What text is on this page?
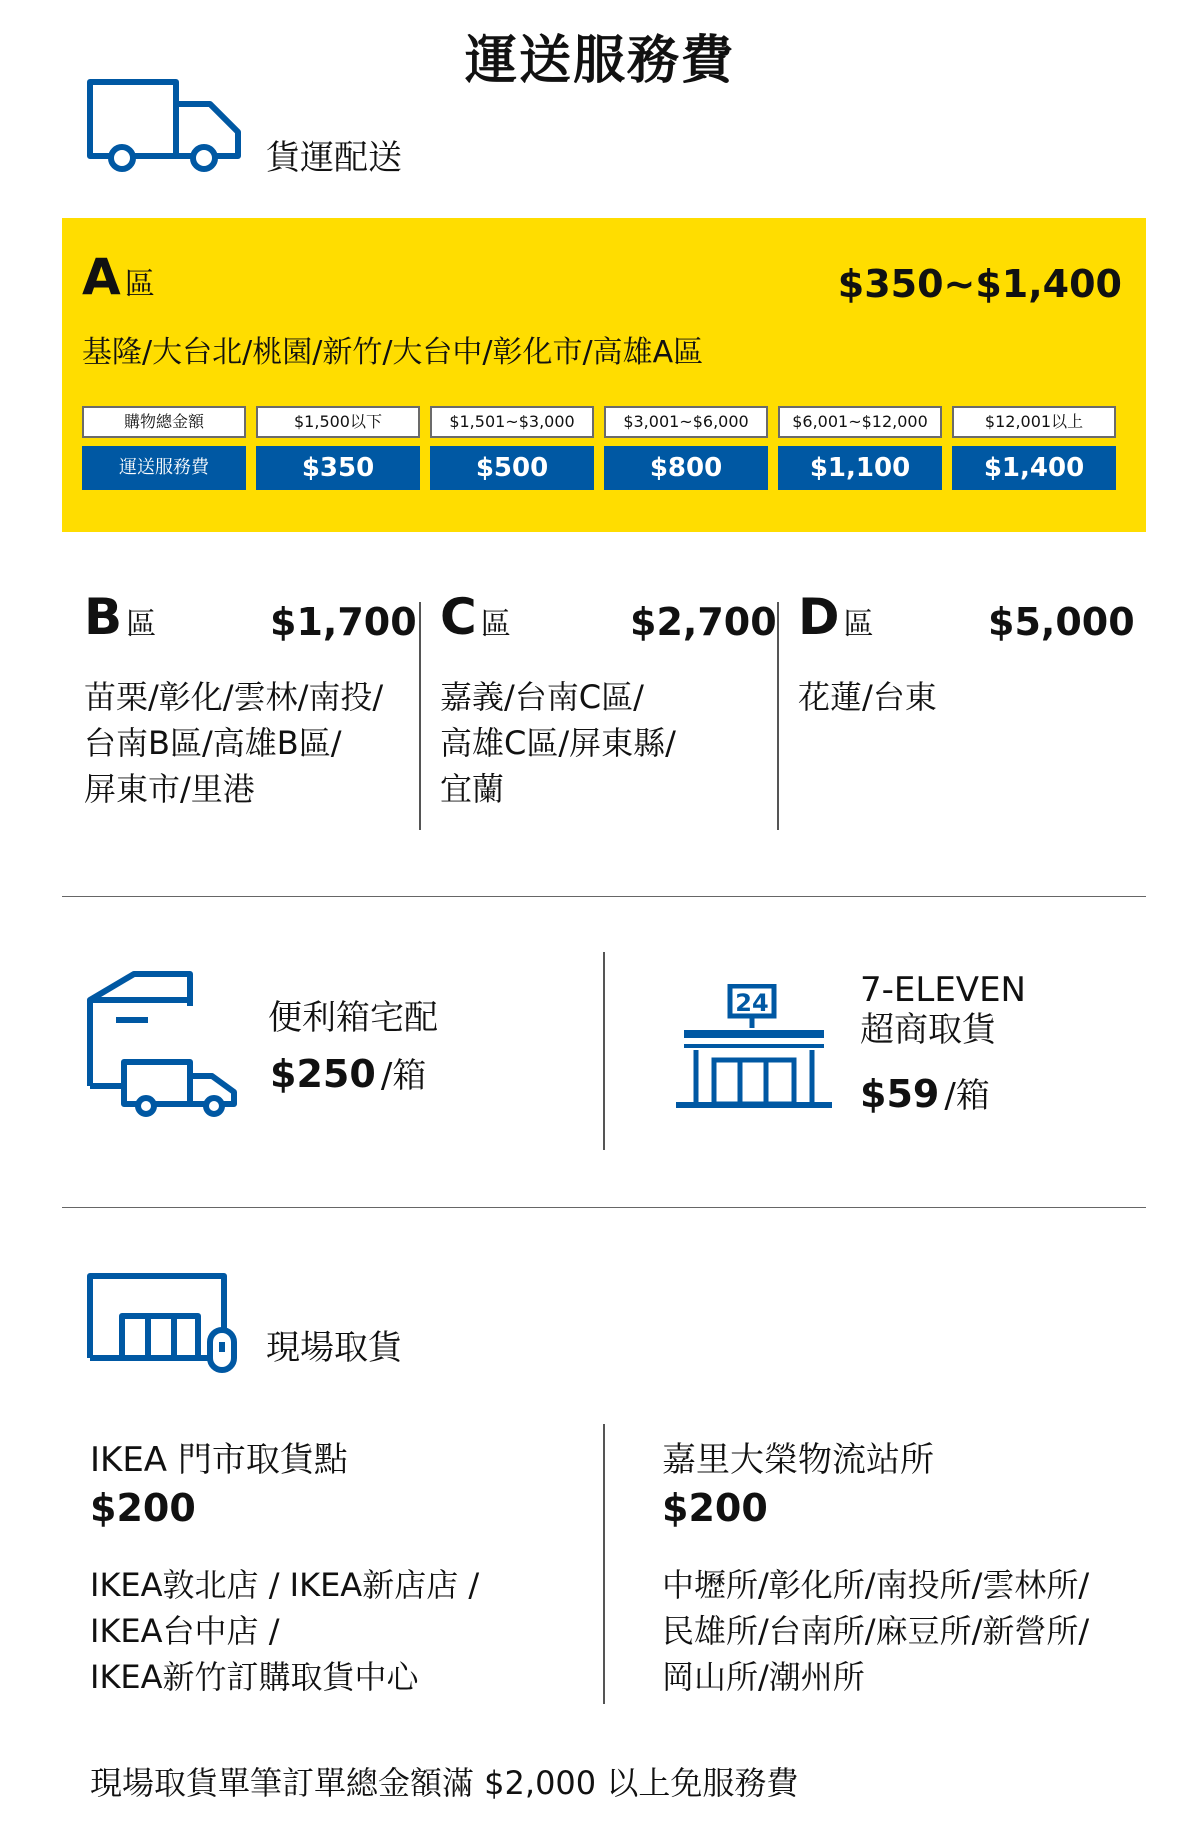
運送服務費
貨運配送
A區	$350~$1,400
基隆/大台北/桃園/新竹/大台中/彰化市/高雄A區
購物總金額	$1,500以下	$1,501~$3,000	$3,001~$6,000	$6,001~$12,000	$12,001以上
運送服務費	$350	$500	$800	$1,100	$1,400
B區	$1,700
苗栗/彰化/雲林/南投/
台南B區/高雄B區/
屏東市/里港
C區	$2,700
嘉義/台南C區/
高雄C區/屏東縣/
宜蘭
D區	$5,000
花蓮/台東
便利箱宅配
$250 /箱
24	7-ELEVEN
超商取貨
$59 /箱
現場取貨
IKEA 門市取貨點
$200
IKEA敦北店 / IKEA新店店 /
IKEA台中店 /
IKEA新竹訂購取貨中心
嘉里大榮物流站所
$200
中壢所/彰化所/南投所/雲林所/
民雄所/台南所/麻豆所/新營所/
岡山所/潮州所
現場取貨單筆訂單總金額滿 $2,000 以上免服務費
